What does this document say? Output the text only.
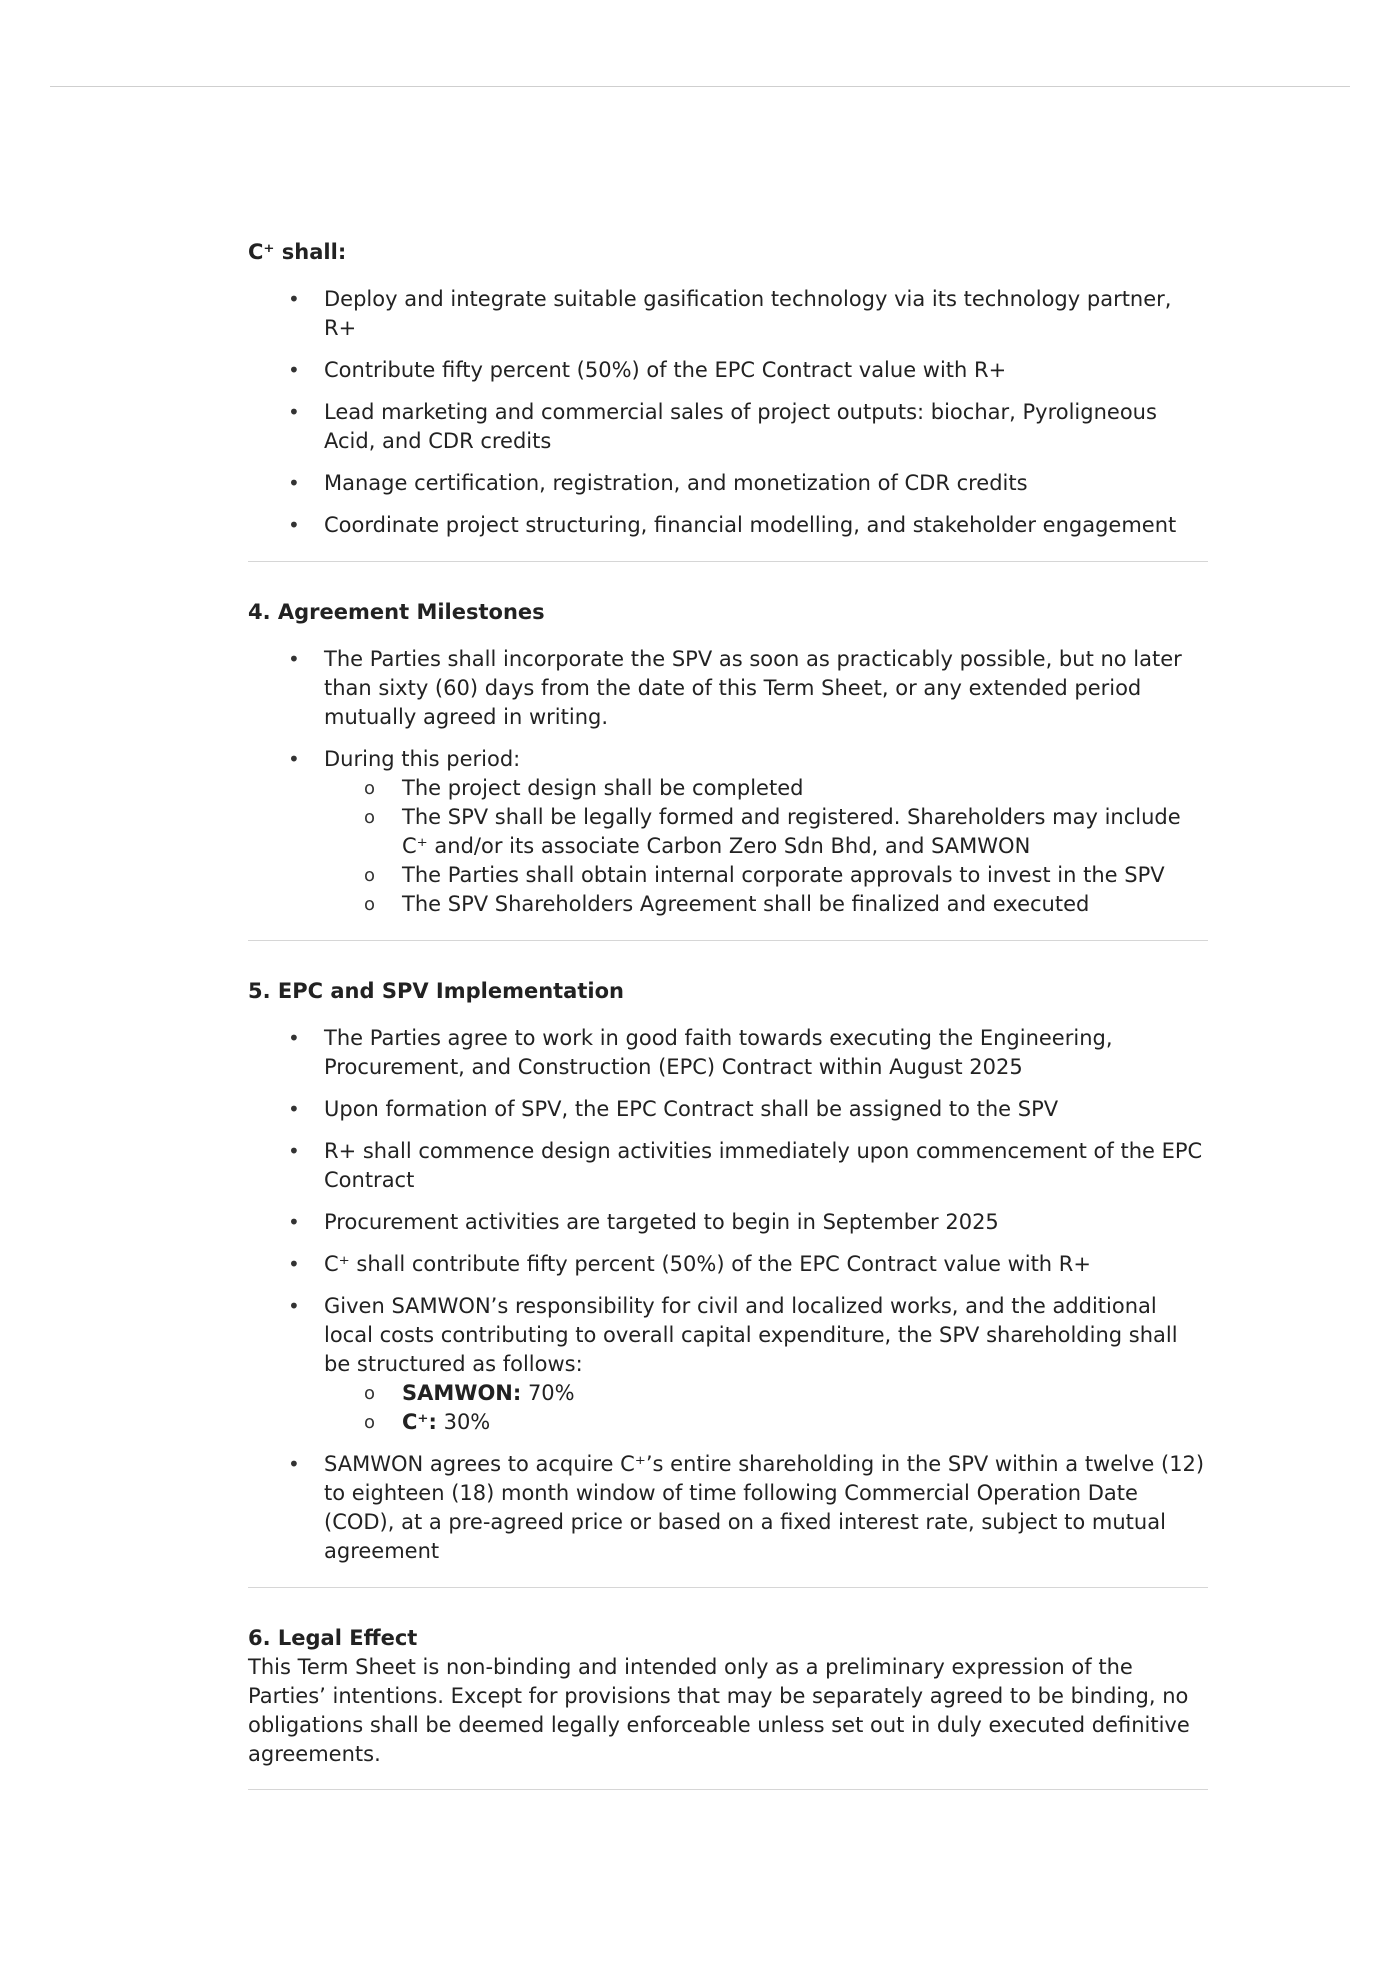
C⁺ shall:

• Deploy and integrate suitable gasification technology via its technology partner, R+
• Contribute fifty percent (50%) of the EPC Contract value with R+
• Lead marketing and commercial sales of project outputs: biochar, Pyroligneous Acid, and CDR credits
• Manage certification, registration, and monetization of CDR credits
• Coordinate project structuring, financial modelling, and stakeholder engagement

4. Agreement Milestones

• The Parties shall incorporate the SPV as soon as practicably possible, but no later than sixty (60) days from the date of this Term Sheet, or any extended period mutually agreed in writing.
• During this period:
o The project design shall be completed
o The SPV shall be legally formed and registered. Shareholders may include C⁺ and/or its associate Carbon Zero Sdn Bhd, and SAMWON
o The Parties shall obtain internal corporate approvals to invest in the SPV
o The SPV Shareholders Agreement shall be finalized and executed

5. EPC and SPV Implementation

• The Parties agree to work in good faith towards executing the Engineering, Procurement, and Construction (EPC) Contract within August 2025
• Upon formation of SPV, the EPC Contract shall be assigned to the SPV
• R+ shall commence design activities immediately upon commencement of the EPC Contract
• Procurement activities are targeted to begin in September 2025
• C⁺ shall contribute fifty percent (50%) of the EPC Contract value with R+
• Given SAMWON’s responsibility for civil and localized works, and the additional local costs contributing to overall capital expenditure, the SPV shareholding shall be structured as follows:
o SAMWON: 70%
o C⁺: 30%
• SAMWON agrees to acquire C⁺’s entire shareholding in the SPV within a twelve (12) to eighteen (18) month window of time following Commercial Operation Date (COD), at a pre-agreed price or based on a fixed interest rate, subject to mutual agreement

6. Legal Effect

This Term Sheet is non-binding and intended only as a preliminary expression of the Parties’ intentions. Except for provisions that may be separately agreed to be binding, no obligations shall be deemed legally enforceable unless set out in duly executed definitive agreements.
